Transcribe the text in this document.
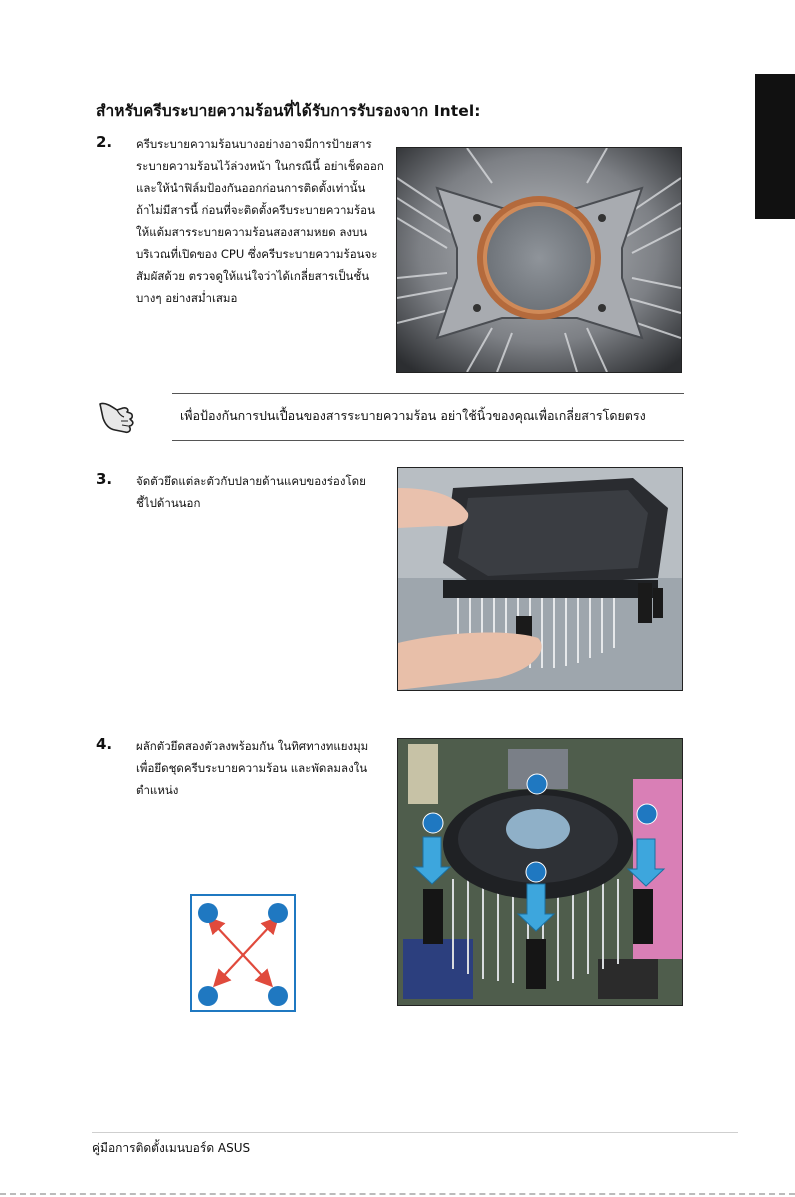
สำหรับครีบระบายความร้อนที่ได้รับการรับรองจาก Intel:
2. ครีบระบายความร้อนบางอย่างอาจมีการป้ายสาร
ระบายความร้อนไว้ล่วงหน้า ในกรณีนี้ อย่าเช็ดออก
และให้นำฟิล์มป้องกันออกก่อนการติดตั้งเท่านั้น
ถ้าไม่มีสารนี้ ก่อนที่จะติดตั้งครีบระบายความร้อน
ให้แต้มสารระบายความร้อนสองสามหยด ลงบน
บริเวณที่เปิดของ CPU ซึ่งครีบระบายความร้อนจะ
สัมผัสด้วย ตรวจดูให้แน่ใจว่าได้เกลี่ยสารเป็นชั้น
บางๆ อย่างสม่ำเสมอ
เพื่อป้องกันการปนเปื้อนของสารระบายความร้อน อย่าใช้นิ้วของคุณเพื่อเกลี่ยสารโดยตรง
3. จัดตัวยึดแต่ละตัวกับปลายด้านแคบของร่องโดย
ชี้ไปด้านนอก
4. ผลักตัวยึดสองตัวลงพร้อมกัน ในทิศทางทแยงมุม
เพื่อยึดชุดครีบระบายความร้อน และพัดลมลงใน
ตำแหน่ง
คู่มือการติดตั้งเมนบอร์ด ASUS
